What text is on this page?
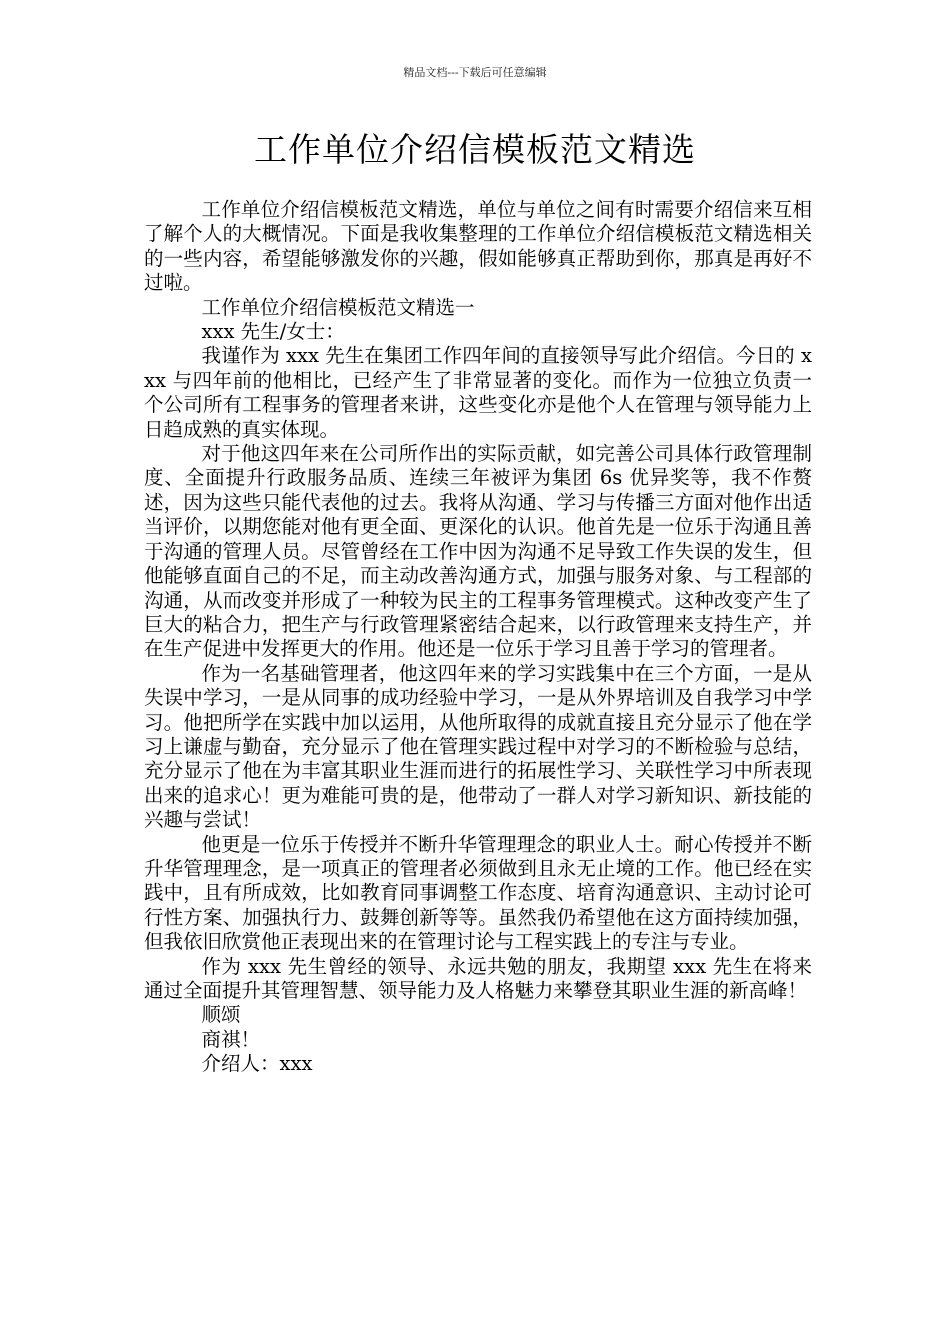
精品文档---下载后可任意编辑
工作单位介绍信模板范文精选

工作单位介绍信模板范文精选，单位与单位之间有时需要介绍信来互相了解个人的大概情况。下面是我收集整理的工作单位介绍信模板范文精选相关的一些内容，希望能够激发你的兴趣，假如能够真正帮助到你，那真是再好不过啦。

工作单位介绍信模板范文精选一

xxx 先生/女士：

我谨作为 xxx 先生在集团工作四年间的直接领导写此介绍信。今日的 xxx 与四年前的他相比，已经产生了非常显著的变化。而作为一位独立负责一个公司所有工程事务的管理者来讲，这些变化亦是他个人在管理与领导能力上日趋成熟的真实体现。

对于他这四年来在公司所作出的实际贡献，如完善公司具体行政管理制度、全面提升行政服务品质、连续三年被评为集团 6s 优异奖等，我不作赘述，因为这些只能代表他的过去。我将从沟通、学习与传播三方面对他作出适当评价，以期您能对他有更全面、更深化的认识。他首先是一位乐于沟通且善于沟通的管理人员。尽管曾经在工作中因为沟通不足导致工作失误的发生，但他能够直面自己的不足，而主动改善沟通方式，加强与服务对象、与工程部的沟通，从而改变并形成了一种较为民主的工程事务管理模式。这种改变产生了巨大的粘合力，把生产与行政管理紧密结合起来，以行政管理来支持生产，并在生产促进中发挥更大的作用。他还是一位乐于学习且善于学习的管理者。

作为一名基础管理者，他这四年来的学习实践集中在三个方面，一是从失误中学习，一是从同事的成功经验中学习，一是从外界培训及自我学习中学习。他把所学在实践中加以运用，从他所取得的成就直接且充分显示了他在学习上谦虚与勤奋，充分显示了他在管理实践过程中对学习的不断检验与总结，充分显示了他在为丰富其职业生涯而进行的拓展性学习、关联性学习中所表现出来的追求心！更为难能可贵的是，他带动了一群人对学习新知识、新技能的兴趣与尝试！

他更是一位乐于传授并不断升华管理理念的职业人士。耐心传授并不断升华管理理念，是一项真正的管理者必须做到且永无止境的工作。他已经在实践中，且有所成效，比如教育同事调整工作态度、培育沟通意识、主动讨论可行性方案、加强执行力、鼓舞创新等等。虽然我仍希望他在这方面持续加强，但我依旧欣赏他正表现出来的在管理讨论与工程实践上的专注与专业。

作为 xxx 先生曾经的领导、永远共勉的朋友，我期望 xxx 先生在将来通过全面提升其管理智慧、领导能力及人格魅力来攀登其职业生涯的新高峰！

顺颂

商祺！

介绍人：xxx
